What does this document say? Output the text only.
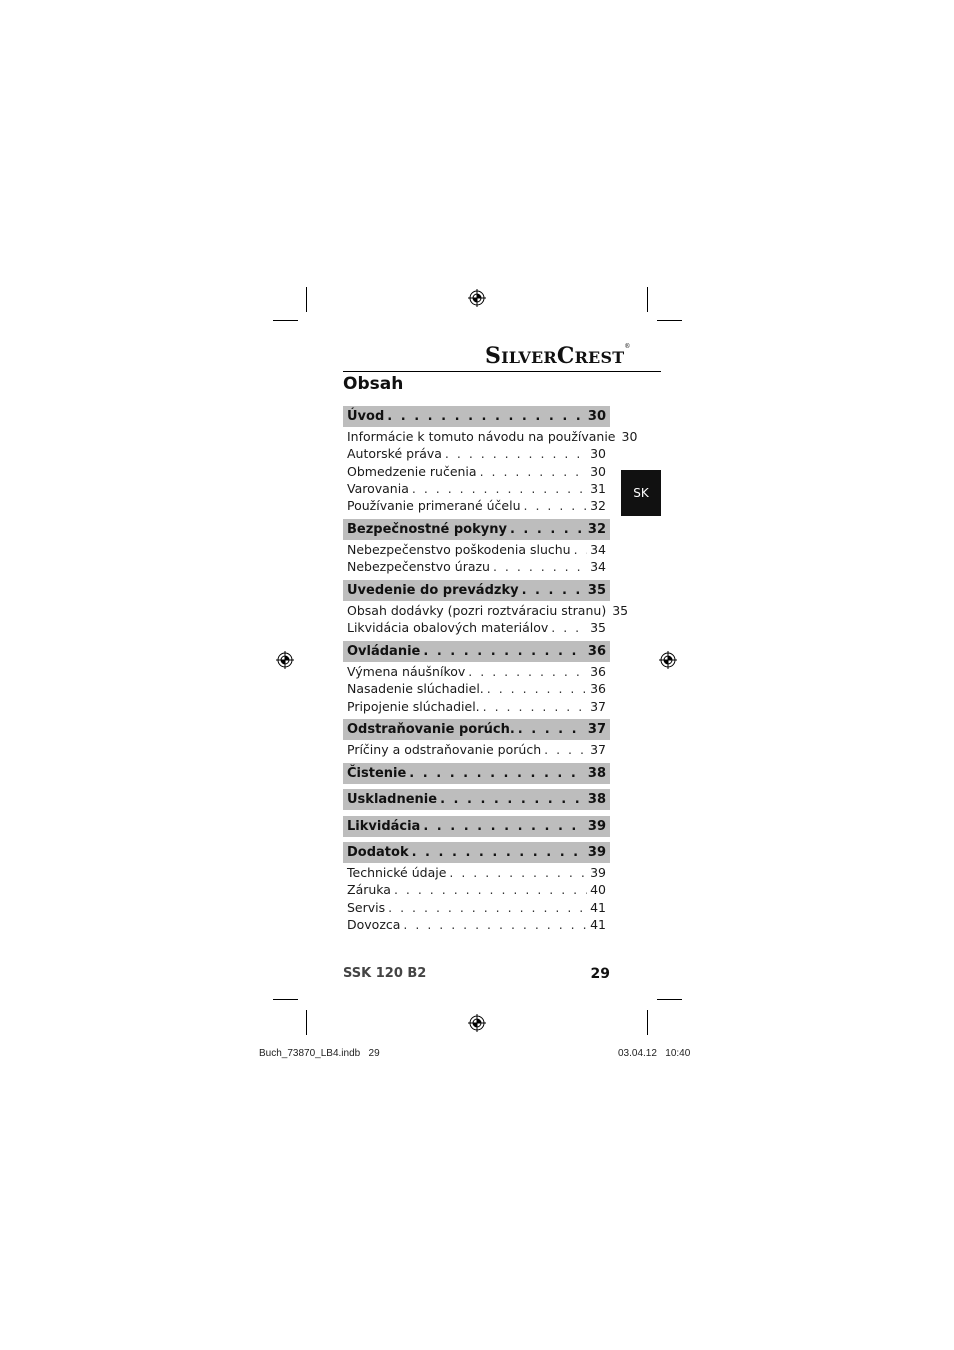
SILVERCREST®
Obsah
SK
Úvod . . .	30
Informácie k tomuto návodu na používanie 30
Autorské práva . . .	30
Obmedzenie ručenia . . .	30
Varovania . . .	31
Používanie primerané účelu . . .	32
Bezpečnostné pokyny . . .	32
Nebezpečenstvo poškodenia sluchu . . . 34
Nebezpečenstvo úrazu . . .	34
Uvedenie do prevádzky . . .	35
Obsah dodávky (pozri roztváraciu stranu) 35
Likvidácia obalových materiálov . . .	35
Ovládanie . . .	36
Výmena náušníkov . . .	36
Nasadenie slúchadiel. . . .	36
Pripojenie slúchadiel. . . .	37
Odstraňovanie porúch. . . .	37
Príčiny a odstraňovanie porúch . . .	37
Čistenie . . .	38
Uskladnenie . . .	38
Likvidácia . . .	39
Dodatok . . .	39
Technické údaje . . .	39
Záruka . . .	40
Servis . . .	41
Dovozca . . .	41
SSK 120 B2	29
Buch_73870_LB4.indb   29	03.04.12   10:40
